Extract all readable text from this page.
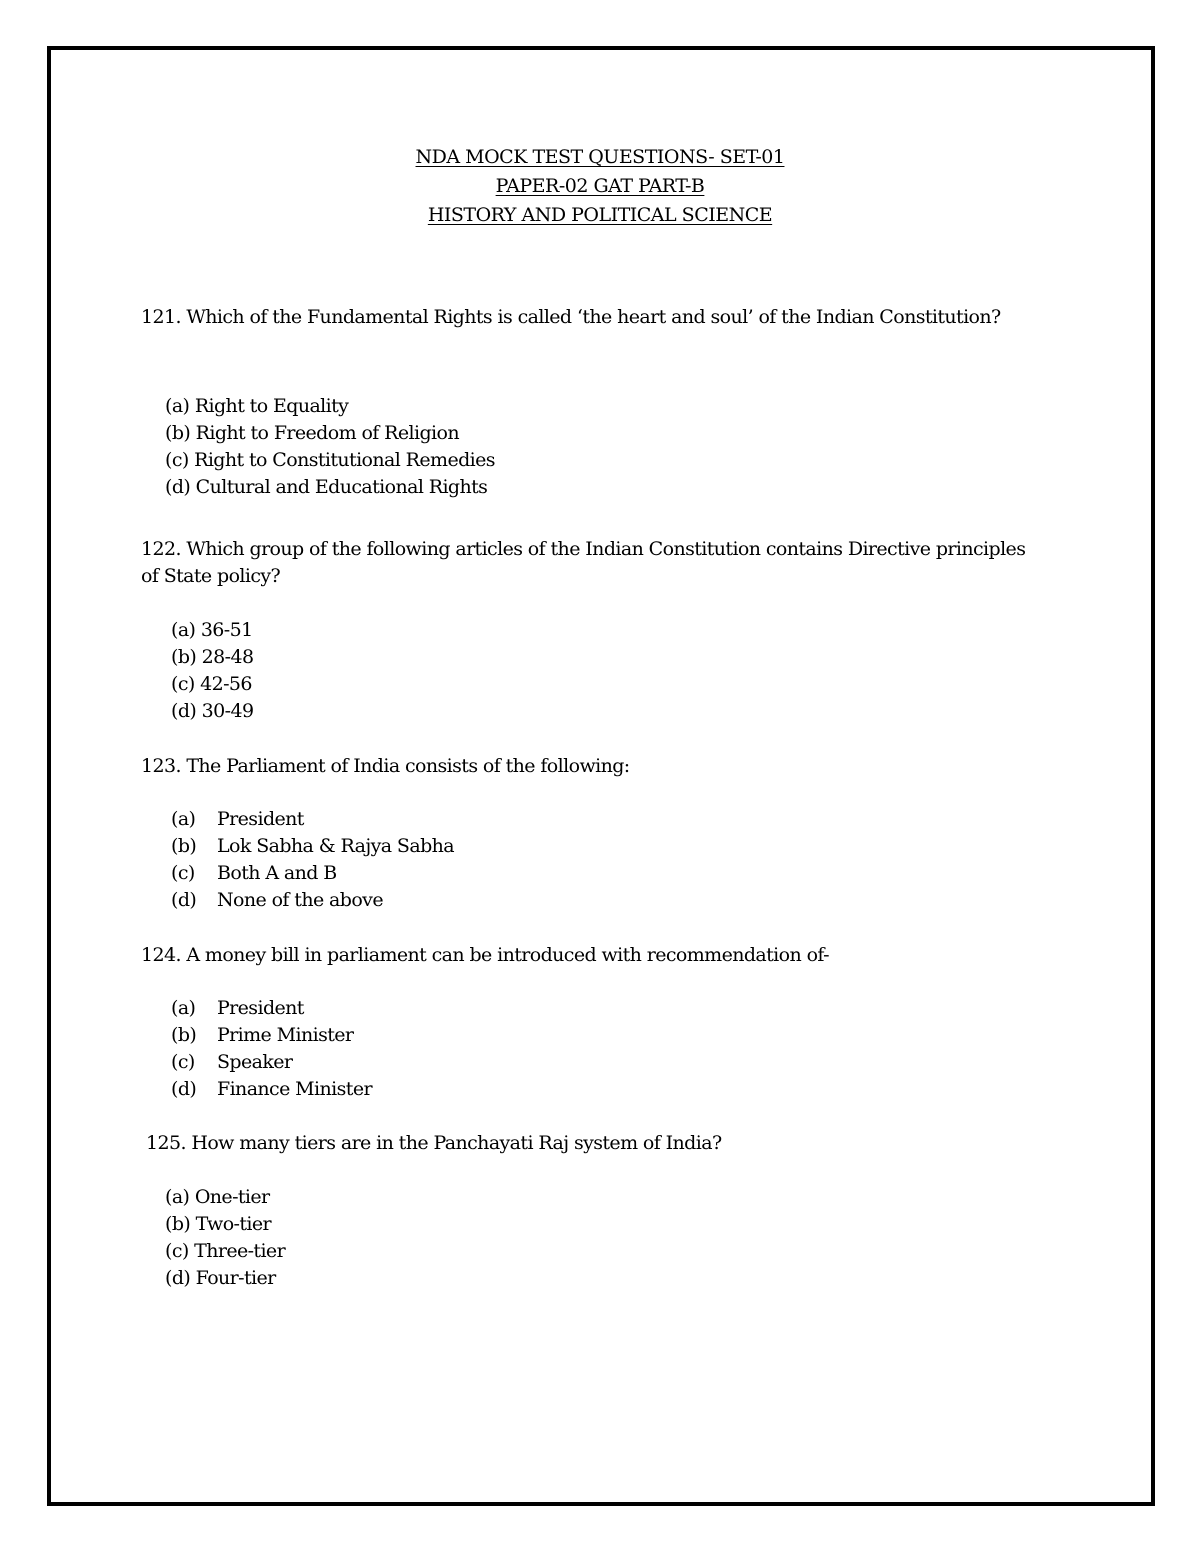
NDA MOCK TEST QUESTIONS- SET-01
PAPER-02 GAT PART-B
HISTORY AND POLITICAL SCIENCE
121. Which of the Fundamental Rights is called ‘the heart and soul’ of the Indian Constitution?
(a) Right to Equality
(b) Right to Freedom of Religion
(c) Right to Constitutional Remedies
(d) Cultural and Educational Rights
122. Which group of the following articles of the Indian Constitution contains Directive principles of State policy?
(a) 36-51
(b) 28-48
(c) 42-56
(d) 30-49
123. The Parliament of India consists of the following:
(a) President
(b) Lok Sabha & Rajya Sabha
(c) Both A and B
(d) None of the above
124. A money bill in parliament can be introduced with recommendation of-
(a) President
(b) Prime Minister
(c) Speaker
(d) Finance Minister
125. How many tiers are in the Panchayati Raj system of India?
(a) One-tier
(b) Two-tier
(c) Three-tier
(d) Four-tier
